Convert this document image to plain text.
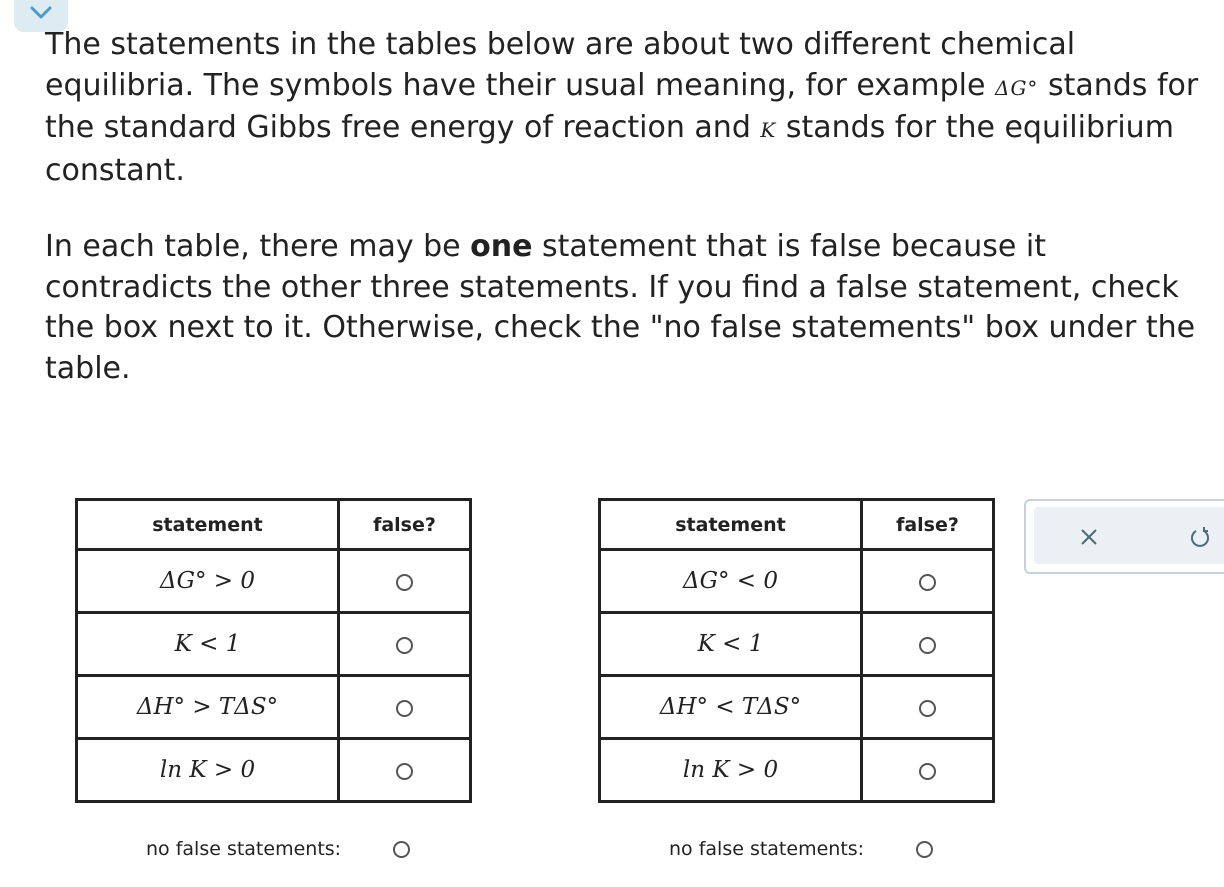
The statements in the tables below are about two different chemical equilibria. The symbols have their usual meaning, for example ΔG° stands for the standard Gibbs free energy of reaction and K stands for the equilibrium constant.

In each table, there may be one statement that is false because it contradicts the other three statements. If you find a false statement, check the box next to it. Otherwise, check the "no false statements" box under the table.

statement	false?
ΔG° > 0	
K < 1	
ΔH° > TΔS°	
ln K > 0	
no false statements:
statement	false?
ΔG° < 0	
K < 1	
ΔH° < TΔS°	
ln K > 0	
no false statements:
